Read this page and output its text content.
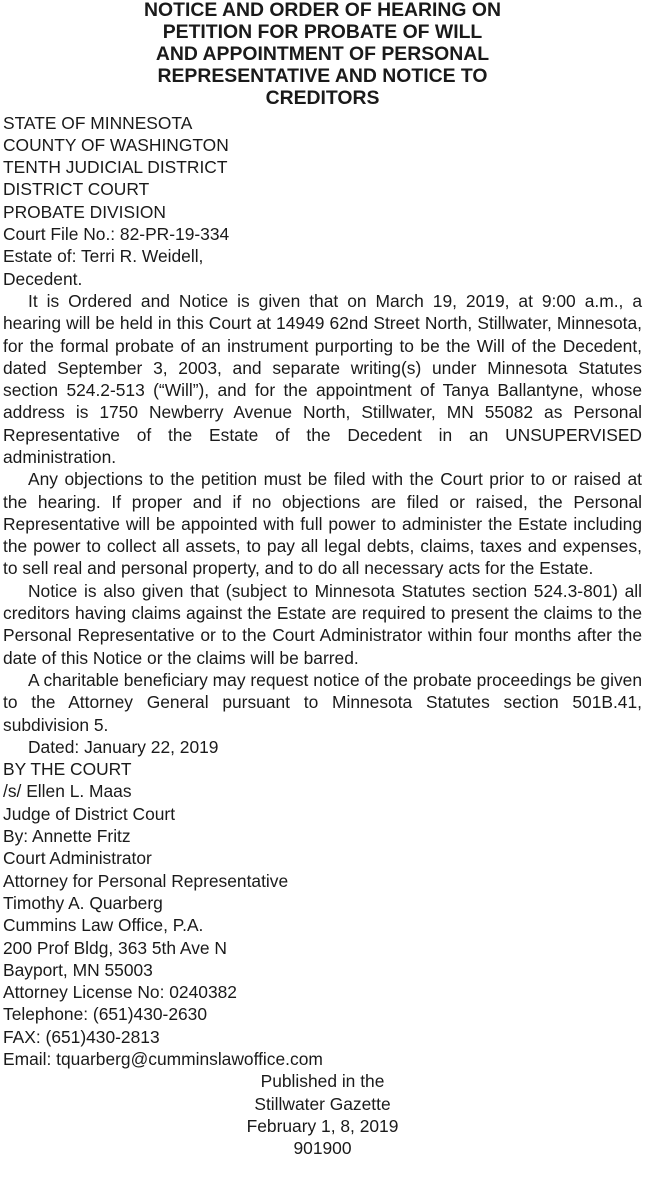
NOTICE AND ORDER OF HEARING ON
PETITION FOR PROBATE OF WILL
AND APPOINTMENT OF PERSONAL
REPRESENTATIVE AND NOTICE TO
CREDITORS
STATE OF MINNESOTA
COUNTY OF WASHINGTON
TENTH JUDICIAL DISTRICT
DISTRICT COURT
PROBATE DIVISION
Court File No.: 82-PR-19-334
Estate of: Terri R. Weidell,
Decedent.

It is Ordered and Notice is given that on March 19, 2019, at 9:00 a.m., a hearing will be held in this Court at 14949 62nd Street North, Stillwater, Minnesota, for the formal probate of an instrument purporting to be the Will of the Decedent, dated September 3, 2003, and separate writing(s) under Minnesota Statutes section 524.2-513 (“Will”), and for the appointment of Tanya Ballantyne, whose address is 1750 Newberry Avenue North, Stillwater, MN 55082 as Personal Representative of the Estate of the Decedent in an UNSUPERVISED administration.

Any objections to the petition must be filed with the Court prior to or raised at the hearing. If proper and if no objections are filed or raised, the Personal Representative will be appointed with full power to administer the Estate including the power to collect all assets, to pay all legal debts, claims, taxes and expenses, to sell real and personal property, and to do all necessary acts for the Estate.

Notice is also given that (subject to Minnesota Statutes section 524.3-801) all creditors having claims against the Estate are required to present the claims to the Personal Representative or to the Court Administrator within four months after the date of this Notice or the claims will be barred.

A charitable beneficiary may request notice of the probate proceedings be given to the Attorney General pursuant to Minnesota Statutes section 501B.41, subdivision 5.

Dated: January 22, 2019
BY THE COURT
/s/ Ellen L. Maas
Judge of District Court
By: Annette Fritz
Court Administrator
Attorney for Personal Representative
Timothy A. Quarberg
Cummins Law Office, P.A.
200 Prof Bldg, 363 5th Ave N
Bayport, MN 55003
Attorney License No: 0240382
Telephone: (651)430-2630
FAX: (651)430-2813
Email: tquarberg@cumminslawoffice.com
Published in the
Stillwater Gazette
February 1, 8, 2019
901900
